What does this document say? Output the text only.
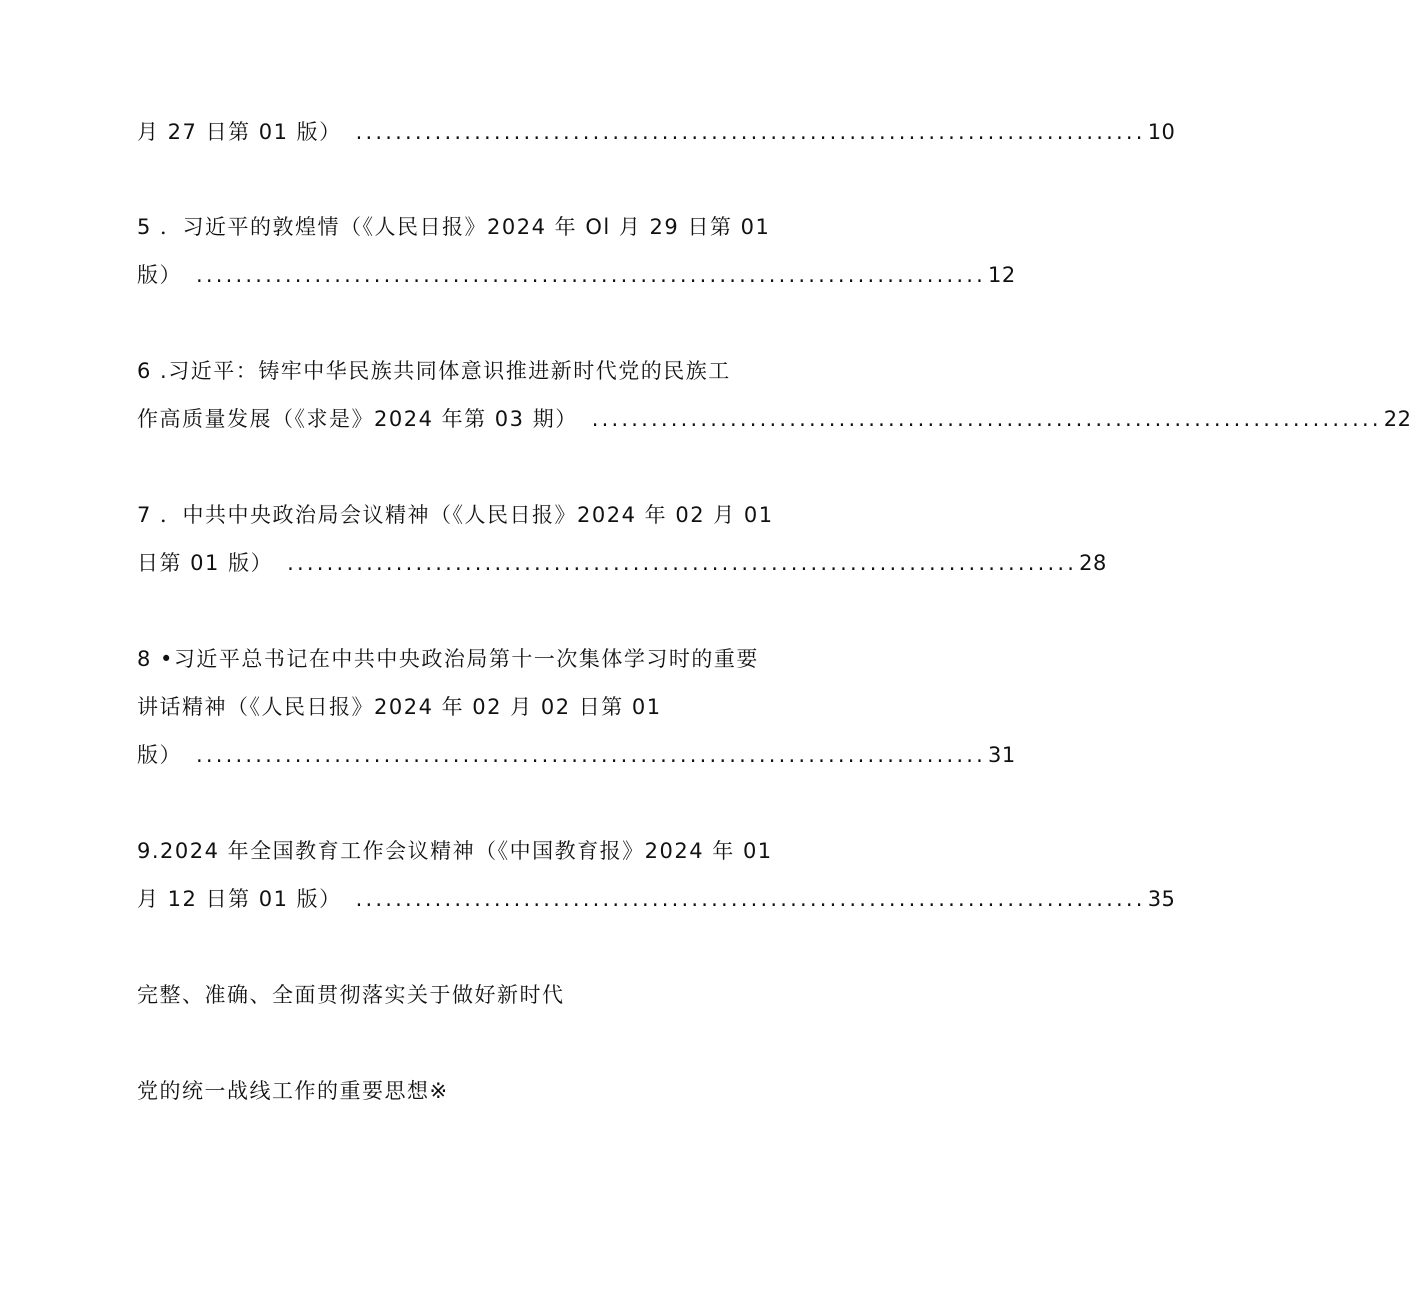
月 27 日第 01 版） ................................................................................ 10
5 ．习近平的敦煌情（《人民日报》2024 年 Ol 月 29 日第 01
版） ................................................................................ 12
6 .习近平：铸牢中华民族共同体意识推进新时代党的民族工
作高质量发展（《求是》2024 年第 03 期） ................................................................................ 22
7 ．中共中央政治局会议精神（《人民日报》2024 年 02 月 01
日第 01 版） ................................................................................ 28
8 •习近平总书记在中共中央政治局第十一次集体学习时的重要
讲话精神（《人民日报》2024 年 02 月 02 日第 01
版） ................................................................................ 31
9.2024 年全国教育工作会议精神（《中国教育报》2024 年 01
月 12 日第 01 版） ................................................................................ 35
完整、准确、全面贯彻落实关于做好新时代
党的统一战线工作的重要思想※
